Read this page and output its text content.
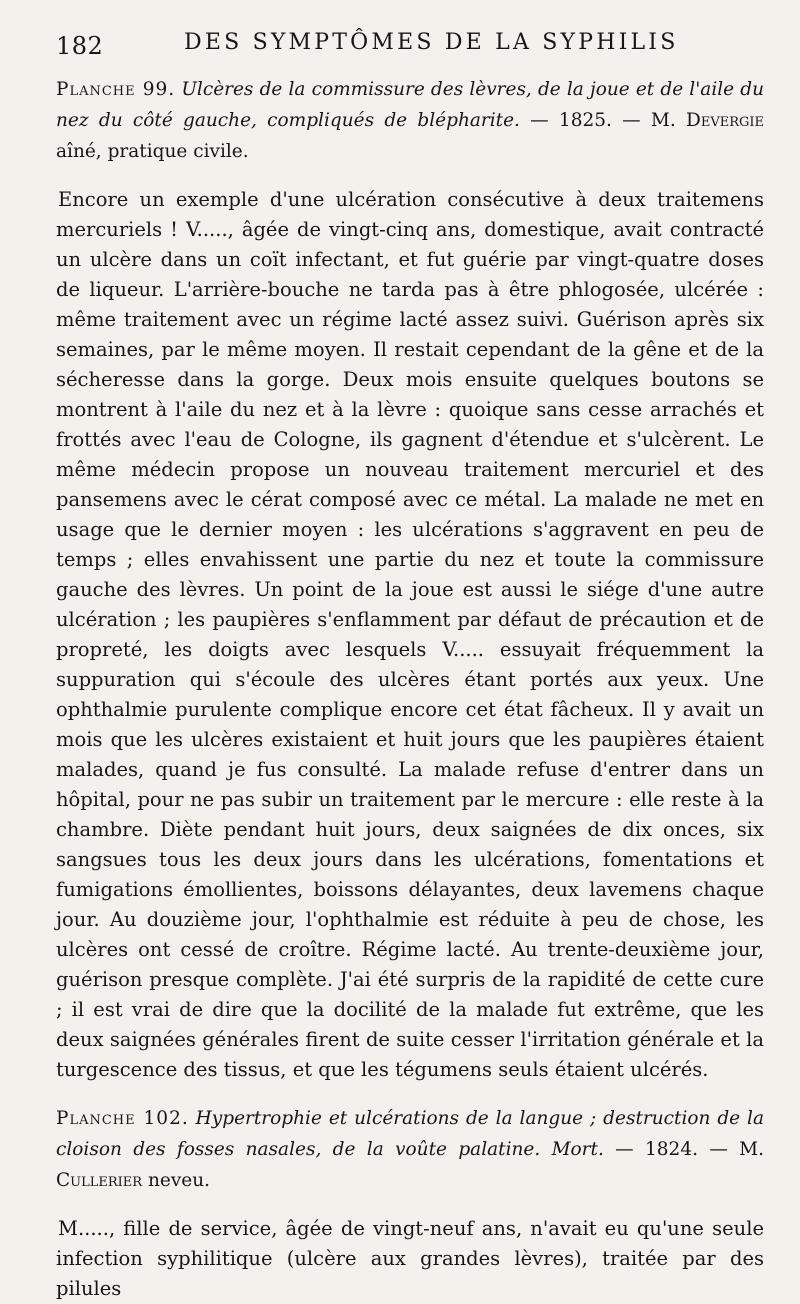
182	DES SYMPTÔMES DE LA SYPHILIS

Planche 99. Ulcères de la commissure des lèvres, de la joue et de l'aile du nez du côté gauche, compliqués de blépharite. — 1825. — M. Devergie aîné, pratique civile.

Encore un exemple d'une ulcération consécutive à deux traitemens mercuriels ! V....., âgée de vingt-cinq ans, domestique, avait contracté un ulcère dans un coït infectant, et fut guérie par vingt-quatre doses de liqueur. L'arrière-bouche ne tarda pas à être phlogosée, ulcérée : même traitement avec un régime lacté assez suivi. Guérison après six semaines, par le même moyen. Il restait cependant de la gêne et de la sécheresse dans la gorge. Deux mois ensuite quelques boutons se montrent à l'aile du nez et à la lèvre : quoique sans cesse arrachés et frottés avec l'eau de Cologne, ils gagnent d'étendue et s'ulcèrent. Le même médecin propose un nouveau traitement mercuriel et des pansemens avec le cérat composé avec ce métal. La malade ne met en usage que le dernier moyen : les ulcérations s'aggravent en peu de temps ; elles envahissent une partie du nez et toute la commissure gauche des lèvres. Un point de la joue est aussi le siége d'une autre ulcération ; les paupières s'enflamment par défaut de précaution et de propreté, les doigts avec lesquels V..... essuyait fréquemment la suppuration qui s'écoule des ulcères étant portés aux yeux. Une ophthalmie purulente complique encore cet état fâcheux. Il y avait un mois que les ulcères existaient et huit jours que les paupières étaient malades, quand je fus consulté. La malade refuse d'entrer dans un hôpital, pour ne pas subir un traitement par le mercure : elle reste à la chambre. Diète pendant huit jours, deux saignées de dix onces, six sangsues tous les deux jours dans les ulcérations, fomentations et fumigations émollientes, boissons délayantes, deux lavemens chaque jour. Au douzième jour, l'ophthalmie est réduite à peu de chose, les ulcères ont cessé de croître. Régime lacté. Au trente-deuxième jour, guérison presque complète. J'ai été surpris de la rapidité de cette cure ; il est vrai de dire que la docilité de la malade fut extrême, que les deux saignées générales firent de suite cesser l'irritation générale et la turgescence des tissus, et que les tégumens seuls étaient ulcérés.

Planche 102. Hypertrophie et ulcérations de la langue ; destruction de la cloison des fosses nasales, de la voûte palatine. Mort. — 1824. — M. Cullerier neveu.

M....., fille de service, âgée de vingt-neuf ans, n'avait eu qu'une seule infection syphilitique (ulcère aux grandes lèvres), traitée par des pilules
